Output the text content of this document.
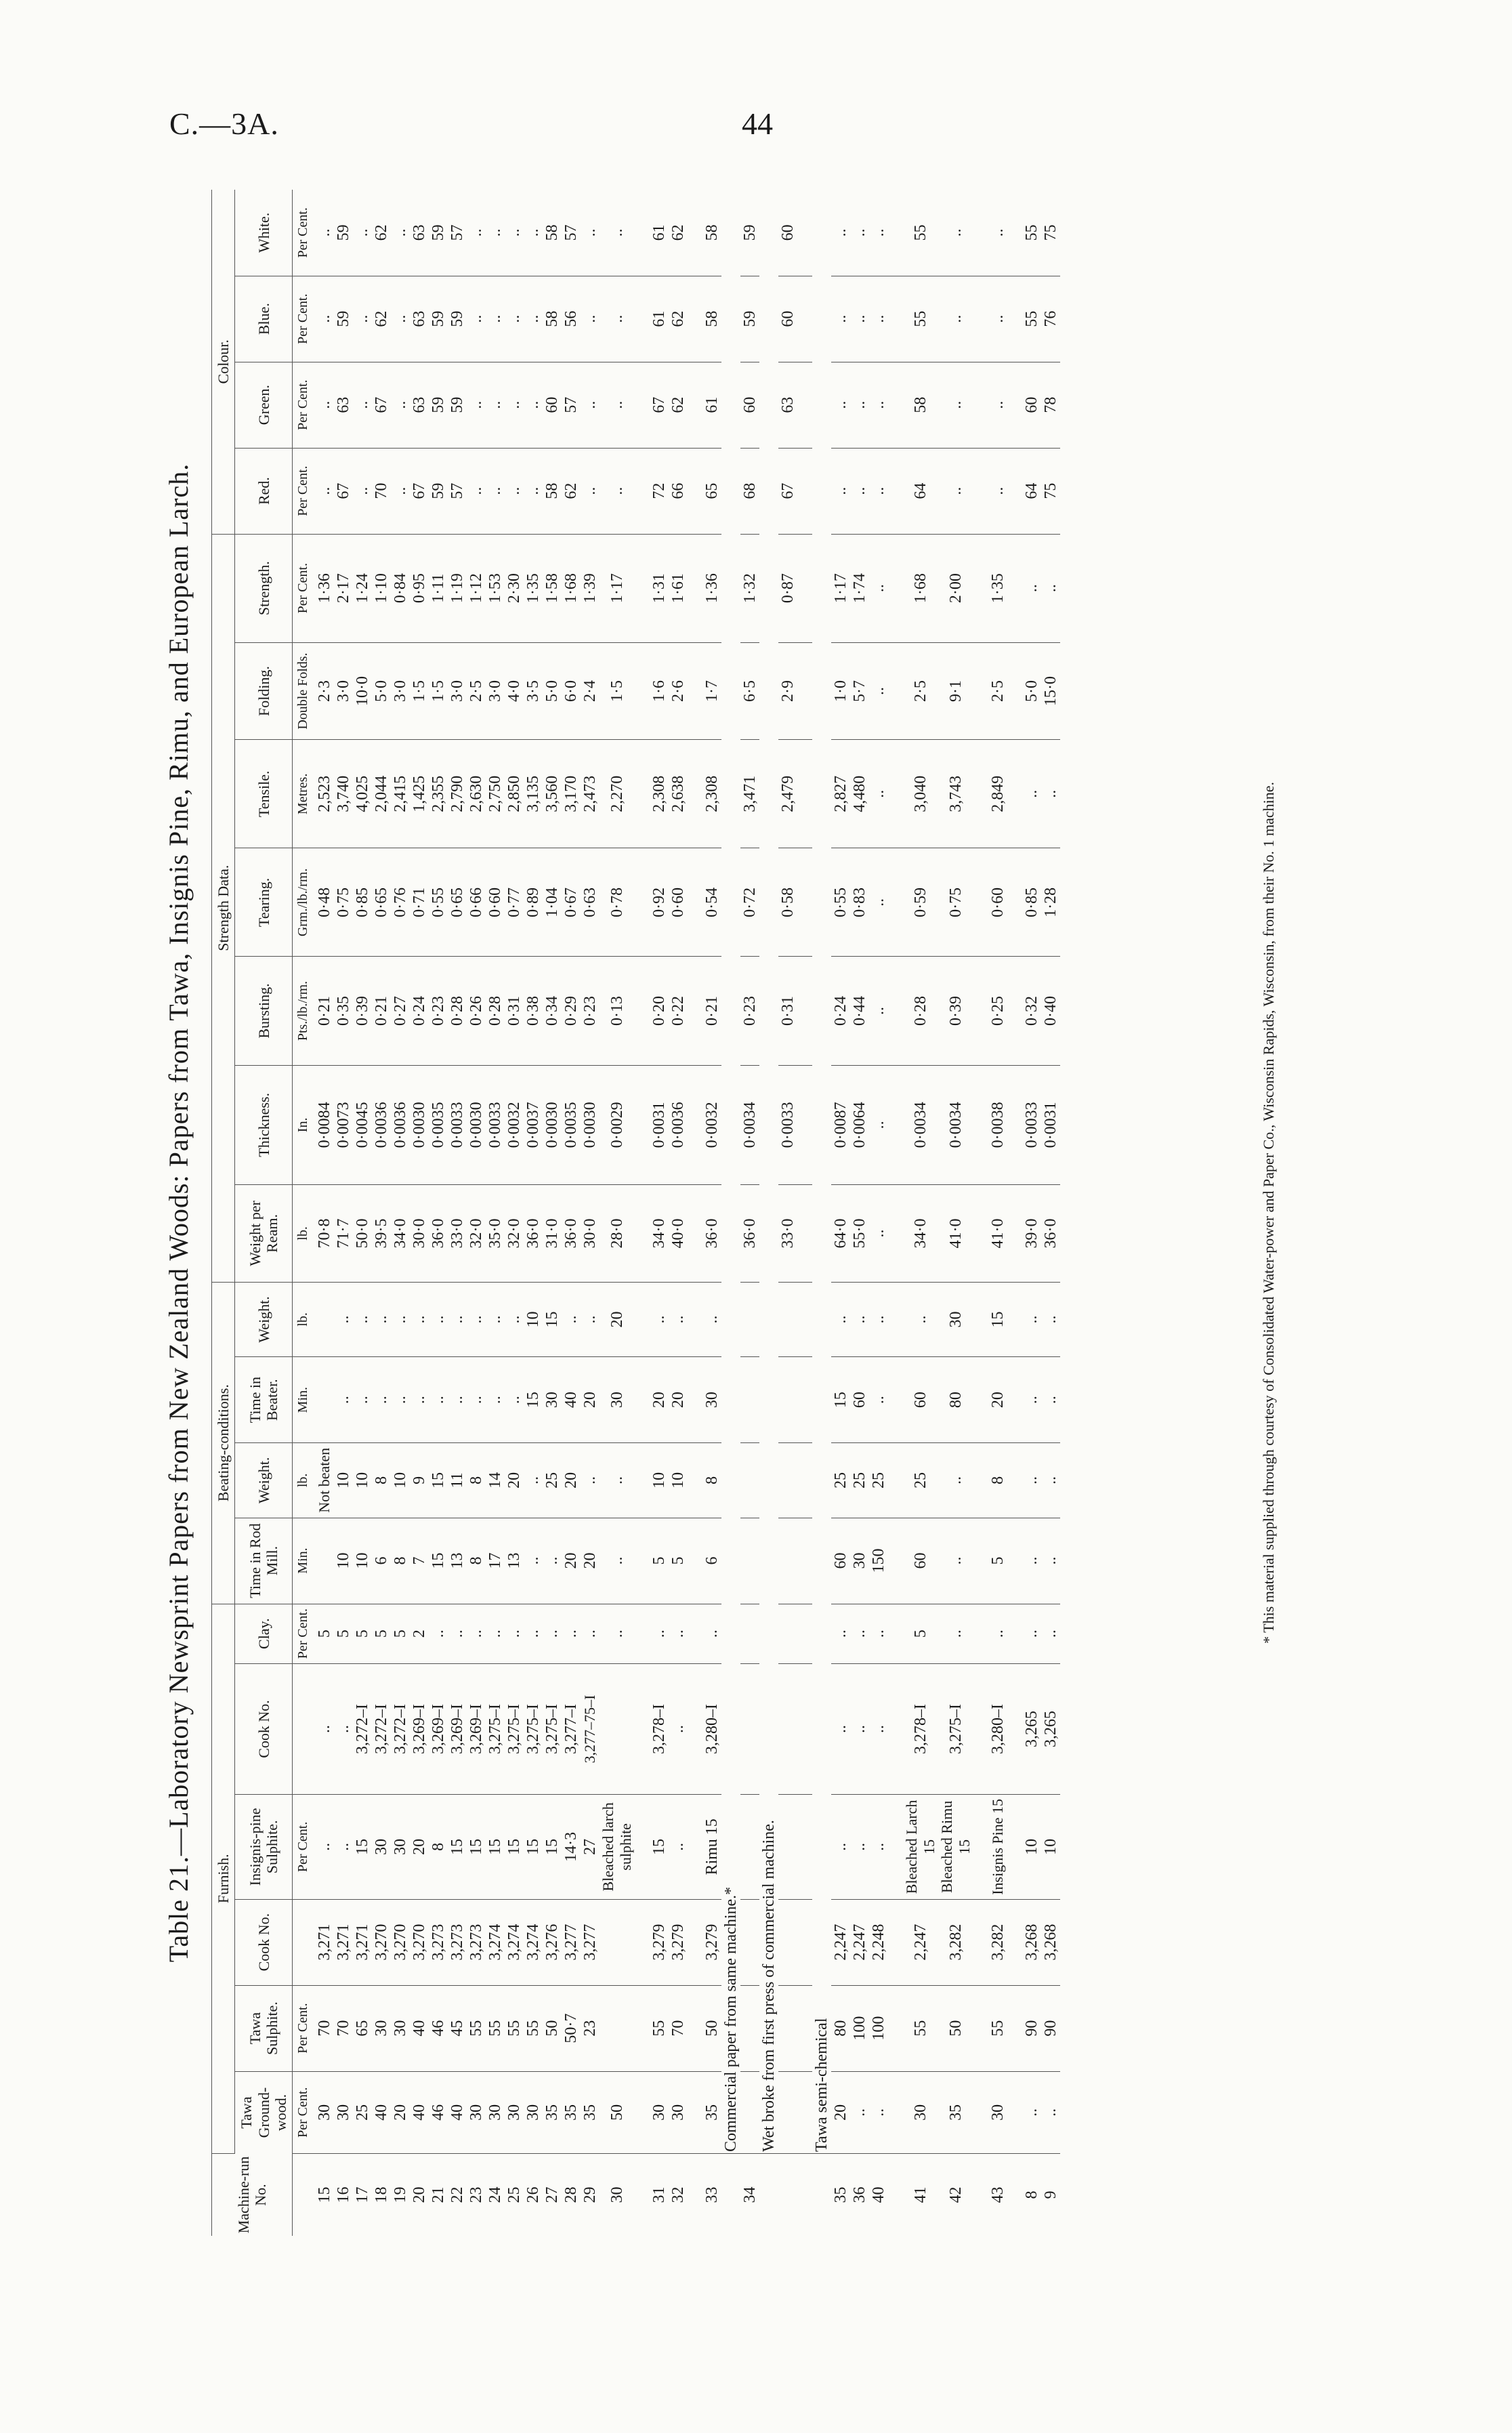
C.—3A.	44
Table 21.—Laboratory Newsprint Papers from New Zealand Woods: Papers from Tawa, Insignis Pine, Rimu, and European Larch.
Machine-run No.	Furnish.						Beating-conditions.				Strength Data.							Colour.			
	Tawa Ground-wood.	Tawa Sulphite.	Cook No.	Insignis-pine Sulphite.	Cook No.	Clay.	Time in Rod Mill.	Weight.	Time in Beater.	Weight.	Weight per Ream.	Thickness.	Bursting.	Tearing.	Tensile.	Folding.	Strength.	Red.	Green.	Blue.	White.
	Per Cent.	Per Cent.		Per Cent.		Per Cent.	Min.	lb.	Min.	lb.	lb.	In.	Pts./lb./rm.	Grm./lb./rm.	Metres.	Double Folds.	Per Cent.	Per Cent.	Per Cent.	Per Cent.	Per Cent.
15	30	70	3,271	..	..	5		Not beaten			70·8	0·0084	0·21	0·48	2,523	2·3	1·36	..	..	..	..
16	30	70	3,271	..	..	5	10	10	..	..	71·7	0·0073	0·35	0·75	3,740	3·0	2·17	67	63	59	59
17	25	65	3,271	15	3,272–I	5	10	10	..	..	50·0	0·0045	0·39	0·85	4,025	10·0	1·24	..	..	..	..
18	40	30	3,270	30	3,272–I	5	6	8	..	..	39·5	0·0036	0·21	0·65	2,044	5·0	1·10	70	67	62	62
19	20	30	3,270	30	3,272–I	5	8	10	..	..	34·0	0·0036	0·27	0·76	2,415	3·0	0·84	..	..	..	..
20	40	40	3,270	20	3,269–I	2	7	9	..	..	30·0	0·0030	0·24	0·71	1,425	1·5	0·95	67	63	63	63
21	46	46	3,273	8	3,269–I	..	15	15	..	..	36·0	0·0035	0·23	0·55	2,355	1·5	1·11	59	59	59	59
22	40	45	3,273	15	3,269–I	..	13	11	..	..	33·0	0·0033	0·28	0·65	2,790	3·0	1·19	57	59	59	57
23	30	55	3,273	15	3,269–I	..	8	8	..	..	32·0	0·0030	0·26	0·66	2,630	2·5	1·12	..	..	..	..
24	30	55	3,274	15	3,275–I	..	17	14	..	..	35·0	0·0033	0·28	0·60	2,750	3·0	1·53	..	..	..	..
25	30	55	3,274	15	3,275–I	..	13	20	..	..	32·0	0·0032	0·31	0·77	2,850	4·0	2·30	..	..	..	..
26	30	55	3,274	15	3,275–I	..	..	..	15	10	36·0	0·0037	0·38	0·89	3,135	3·5	1·35	..	..	..	..
27	35	50	3,276	15	3,275–I	..	..	25	30	15	31·0	0·0030	0·34	1·04	3,560	5·0	1·58	58	60	58	58
28	35	50·7	3,277	14·3	3,277–I	..	20	20	40	..	36·0	0·0035	0·29	0·67	3,170	6·0	1·68	62	57	56	57
29	35	23	3,277	27	3,277–75–I	..	20	..	20	..	30·0	0·0030	0·23	0·63	2,473	2·4	1·39	..	..	..	..
30	50			Bleached larch sulphite		..	..	..	30	20	28·0	0·0029	0·13	0·78	2,270	1·5	1·17	..	..	..	..

31	30	55	3,279	15	3,278–I	..	5	10	20	..	34·0	0·0031	0·20	0·92	2,308	1·6	1·31	72	67	61	61
32	30	70	3,279	..	..	..	5	10	20	..	40·0	0·0036	0·22	0·60	2,638	2·6	1·61	66	62	62	62

33	35	50	3,279	Rimu 15	3,280–I	..	6	8	30	..	36·0	0·0032	0·21	0·54	2,308	1·7	1·36	65	61	58	58
	Commercial paper from same machine.*																				
34											36·0	0·0034	0·23	0·72	3,471	6·5	1·32	68	60	59	59
	Wet broke from first press of commercial machine.																				
											33·0	0·0033	0·31	0·58	2,479	2·9	0·87	67	63	60	60

	Tawa semi-chemical																				
35	20	80	2,247	..	..	..	60	25	15	..	64·0	0·0087	0·24	0·55	2,827	1·0	1·17	..	..	..	..
36	..	100	2,247	..	..	..	30	25	60	..	55·0	0·0064	0·44	0·83	4,480	5·7	1·74	..	..	..	..
40	..	100	2,248	..	..	..	150	25	..	..	..	..	..	..	..	..	..	..	..	..	..

41	30	55	2,247	Bleached Larch 15	3,278–I	5	60	25	60	..	34·0	0·0034	0·28	0·59	3,040	2·5	1·68	64	58	55	55
42	35	50	3,282	Bleached Rimu 15	3,275–I	..	..	..	80	30	41·0	0·0034	0·39	0·75	3,743	9·1	2·00	..	..	..	..

43	30	55	3,282	Insignis Pine 15	3,280–I	..	5	8	20	15	41·0	0·0038	0·25	0·60	2,849	2·5	1·35	..	..	..	..

8	..	90	3,268	10	3,265	..	..	..	..	..	39·0	0·0033	0·32	0·85	..	5·0	..	64	60	55	55
9	..	90	3,268	10	3,265	..	..	..	..	..	36·0	0·0031	0·40	1·28	..	15·0	..	75	78	76	75
* This material supplied through courtesy of Consolidated Water-power and Paper Co., Wisconsin Rapids, Wisconsin, from their No. 1 machine.
